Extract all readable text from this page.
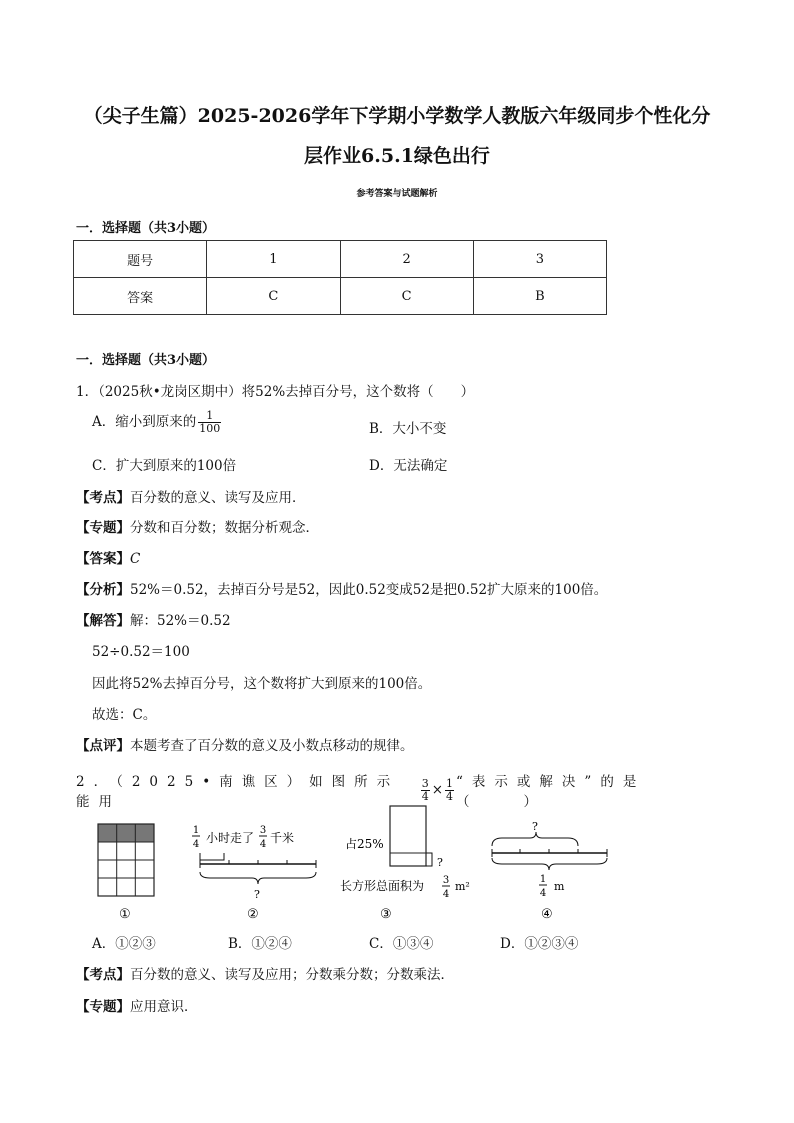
（尖子生篇）2025-2026学年下学期小学数学人教版六年级同步个性化分
层作业6.5.1绿色出行
参考答案与试题解析
一．选择题（共3小题）
题号	1	2	3
答案	C	C	B
一．选择题（共3小题）
1．（2025秋•龙岗区期中）将52%去掉百分号，这个数将（　　）
A．缩小到原来的 $\frac{1}{100}$	B．大小不变
C．扩大到原来的100倍	D．无法确定
【考点】百分数的意义、读写及应用．
【专题】分数和百分数；数据分析观念．
【答案】C
【分析】52%＝0.52，去掉百分号是52，因此0.52变成52是把0.52扩大原来的100倍。
【解答】解：52%＝0.52
52÷0.52＝100
因此将52%去掉百分号，这个数将扩大到原来的100倍。
故选：C。
【点评】本题考查了百分数的意义及小数点移动的规律。
2．（2025•南谯区）如图所示能用	$\frac{3}{4} \times \frac{1}{4}$ “表示或解决”的是（　　）
1
4 小时走了
3
4 千米
?
占25%
?
长方形总面积为 3
4
m²
?
1
4
m
①	②	③	④
A．①②③	B．①②④	C．①③④	D．①②③④
【考点】百分数的意义、读写及应用；分数乘分数；分数乘法．
【专题】应用意识．
